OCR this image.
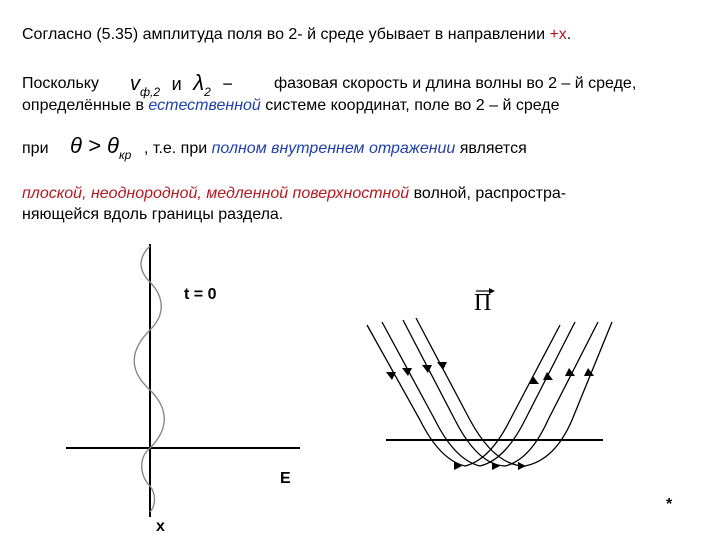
Согласно (5.35) амплитуда поля во 2- й среде убывает в направлении +x.
Поскольку $v_{ф,2}$ и $\lambda_2$ −	фазовая скорость и длина волны во 2 – й среде,
определённые в естественной системе координат, поле во 2 – й среде
при $\theta > \theta_{кр}$ , т.е. при полном внутреннем отражении является
плоской, неоднородной, медленной поверхностной волной, распростра-
няющейся вдоль границы раздела.
t = 0
E
x
Π
*
